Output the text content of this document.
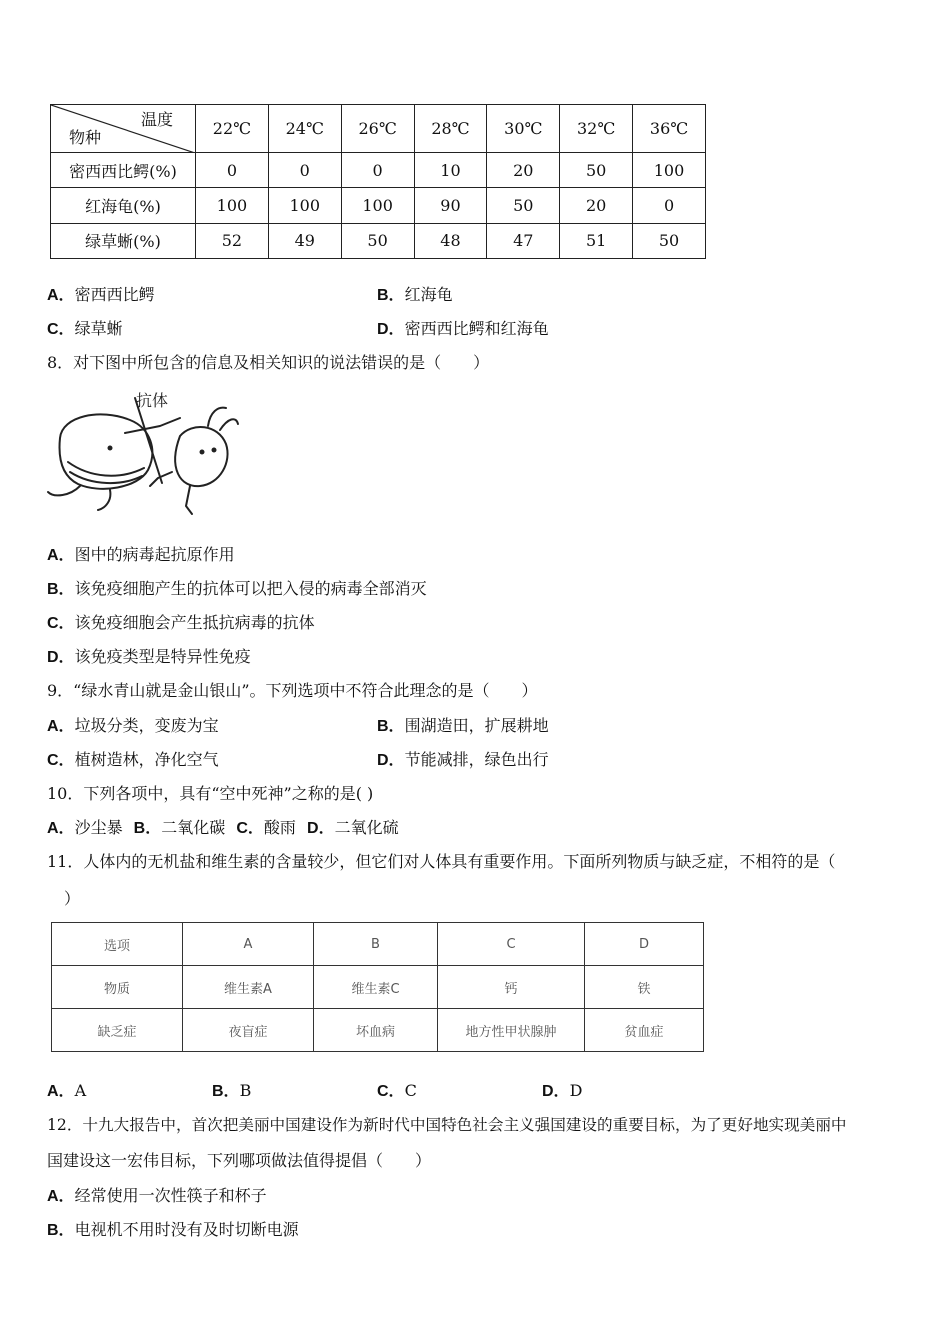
温度
物种	22℃	24℃	26℃	28℃	30℃	32℃	36℃
密西西比鳄(%)	0	0	0	10	20	50	100
红海龟(%)	100	100	100	90	50	20	0
绿草蜥(%)	52	49	50	48	47	51	50
A．密西西比鳄	B．红海龟
C．绿草蜥	D．密西西比鳄和红海龟
8．对下图中所包含的信息及相关知识的说法错误的是（　　）
抗体
A．图中的病毒起抗原作用
B．该免疫细胞产生的抗体可以把入侵的病毒全部消灭
C．该免疫细胞会产生抵抗病毒的抗体
D．该免疫类型是特异性免疫
9．“绿水青山就是金山银山”。下列选项中不符合此理念的是（　　）
A．垃圾分类，变废为宝	B．围湖造田，扩展耕地
C．植树造林，净化空气	D．节能减排，绿色出行
10．下列各项中，具有“空中死神”之称的是( )
A．沙尘暴 B．二氧化碳 C．酸雨 D．二氧化硫
11．人体内的无机盐和维生素的含量较少，但它们对人体具有重要作用。下面所列物质与缺乏症，不相符的是（
）
选项	A	B	C	D
物质	维生素A	维生素C	钙	铁
缺乏症	夜盲症	坏血病	地方性甲状腺肿	贫血症
A．A	B．B	C．C	D．D
12．十九大报告中，首次把美丽中国建设作为新时代中国特色社会主义强国建设的重要目标，为了更好地实现美丽中
国建设这一宏伟目标，下列哪项做法值得提倡（　　）
A．经常使用一次性筷子和杯子
B．电视机不用时没有及时切断电源
